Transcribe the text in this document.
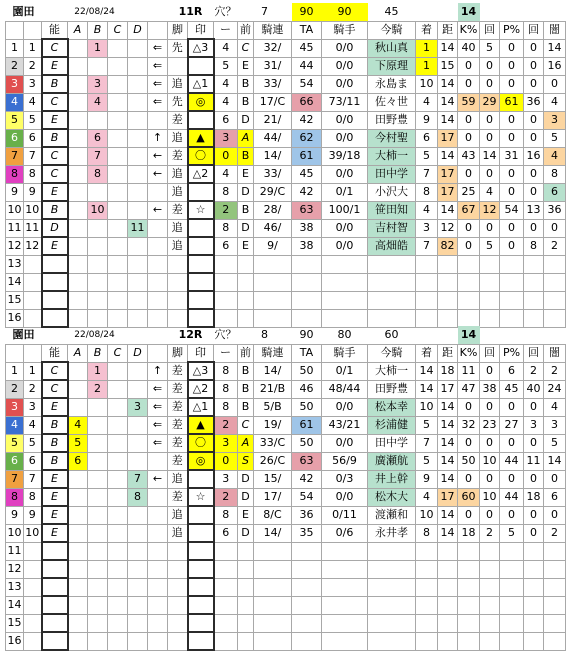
園田		22/08/24						11R		穴？	7		90	90	45			14				
		能	A	B	C	D		脚	印	ー	前	騎連	TA	騎手	今騎	着	距	K%	回	P%	回	闇
1	1	C		1			⇐	先	△3	4	C	32/	45	0/0	秋山真	1	14	40	5	0	0	14
2	2	E					⇐			5	E	31/	44	0/0	下原理	1	15	0	0	0	0	16
3	3	B		3			⇐	追	△1	4	B	33/	54	0/0	永島ま	10	14	0	0	0	0	0
4	4	C		4			⇐	先	◎	4	B	17/C	66	73/11	佐々世	4	14	59	29	61	36	4
5	5	E						差		6	D	21/	42	0/0	田野豊	9	14	0	0	0	0	3
6	6	B		6			↑	追	▲	3	A	44/	62	0/0	今村聖	6	17	0	0	0	0	5
7	7	C		7			←	差	〇	0	B	14/	61	39/18	大柿一	5	14	43	14	31	16	4
8	8	C		8			←	追	△2	4	E	33/	45	0/0	田中学	7	17	0	0	0	0	8
9	9	E						追		8	D	29/C	42	0/1	小沢大	8	17	25	4	0	0	6
10	10	B		10			←	差	☆	2	B	28/	63	100/1	笹田知	4	14	67	12	54	13	36
11	11	D				11		追		8	D	46/	38	0/0	吉村智	3	12	0	0	0	0	0
12	12	E						追		6	E	9/	38	0/0	高畑皓	7	82	0	5	0	8	2
13																						
14																						
15																						
16																						
園田		22/08/24						12R		穴？	8		90	80	60			14				
		能	A	B	C	D		脚	印	ー	前	騎連	TA	騎手	今騎	着	距	K%	回	P%	回	闇
1	1	C		1			↑	差	△3	8	B	14/	50	0/1	大柿一	14	18	11	0	6	2	2
2	2	C		2			⇐	差	△2	8	B	21/B	46	48/44	田野豊	14	17	47	38	45	40	24
3	3	E				3	⇐	差	△1	8	B	5/B	50	0/0	松本幸	10	14	0	0	0	0	4
4	4	B	4				⇐	差	▲	2	C	19/	61	43/21	杉浦健	5	14	32	23	27	3	3
5	5	B	5				⇐	差	〇	3	A	33/C	50	0/0	田中学	7	14	0	0	0	0	5
6	6	B	6					差	◎	0	S	26/C	63	56/9	廣瀬航	5	14	50	10	44	11	14
7	7	E				7	←	追		3	D	15/	42	0/3	井上幹	9	14	0	0	0	0	0
8	8	E				8		差	☆	2	D	17/	54	0/0	松木大	4	17	60	10	44	18	6
9	9	E						追		8	E	8/C	36	0/11	渡瀬和	10	14	0	0	0	0	0
10	10	E						追		6	D	14/	35	0/6	永井孝	8	14	18	2	5	0	2
11																						
12																						
13																						
14																						
15																						
16																						
